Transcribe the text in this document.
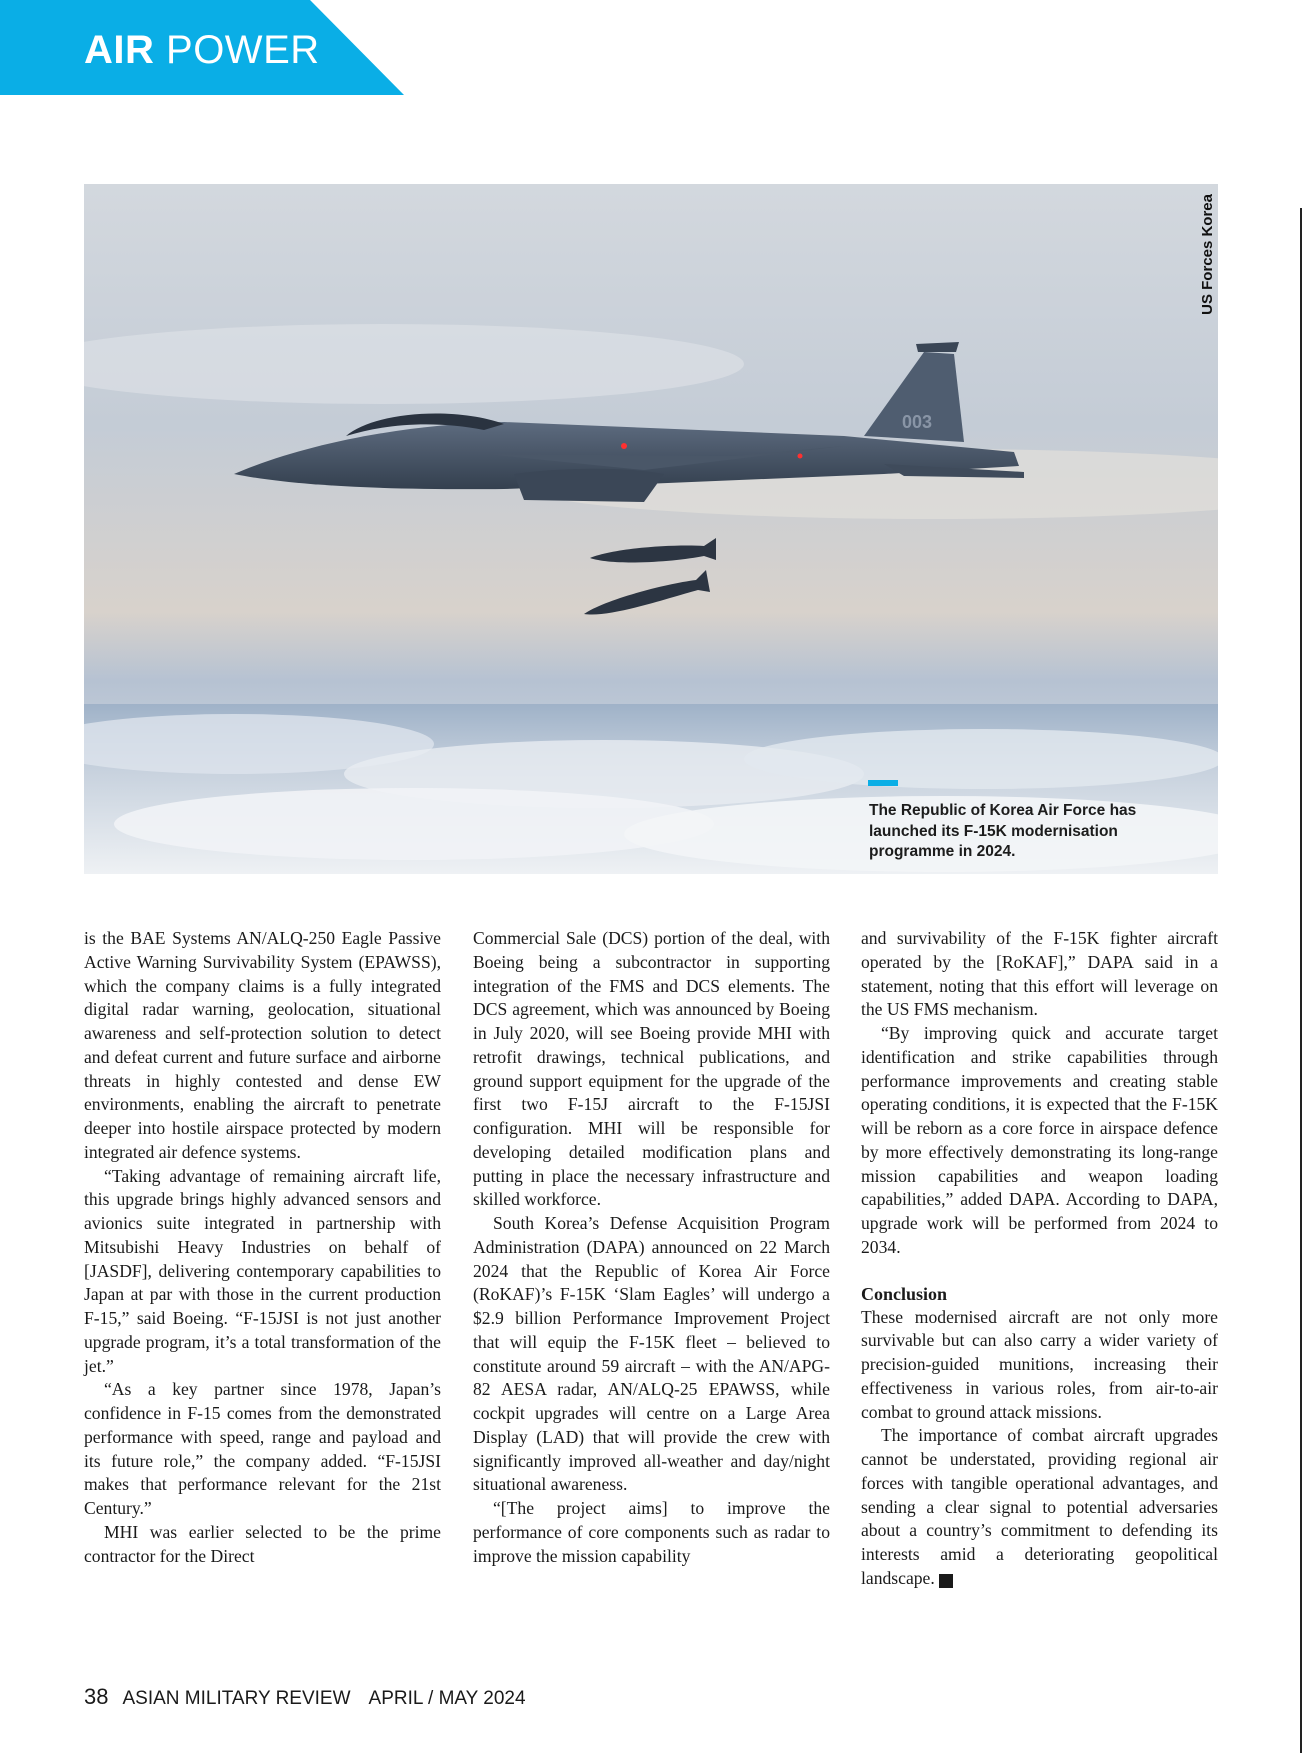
AIR POWER
003
US Forces Korea
The Republic of Korea Air Force has launched its F-15K modernisation programme in 2024.

is the BAE Systems AN/ALQ-250 Eagle Passive Active Warning Survivability System (EPAWSS), which the company claims is a fully integrated digital radar warning, geolocation, situational awareness and self-protection solution to detect and defeat current and future surface and airborne threats in highly contested and dense EW environments, enabling the aircraft to penetrate deeper into hostile airspace protected by modern integrated air defence systems.

“Taking advantage of remaining aircraft life, this upgrade brings highly advanced sensors and avionics suite integrated in partnership with Mitsubishi Heavy Industries on behalf of [JASDF], delivering contemporary capabilities to Japan at par with those in the current production F-15,” said Boeing. “F-15JSI is not just another upgrade program, it’s a total transformation of the jet.”

“As a key partner since 1978, Japan’s confidence in F-15 comes from the demonstrated performance with speed, range and payload and its future role,” the company added. “F-15JSI makes that performance relevant for the 21st Century.”

MHI was earlier selected to be the prime contractor for the Direct

Commercial Sale (DCS) portion of the deal, with Boeing being a subcontractor in supporting integration of the FMS and DCS elements. The DCS agreement, which was announced by Boeing in July 2020, will see Boeing provide MHI with retrofit drawings, technical publications, and ground support equipment for the upgrade of the first two F-15J aircraft to the F-15JSI configuration. MHI will be responsible for developing detailed modification plans and putting in place the necessary infrastructure and skilled workforce.

South Korea’s Defense Acquisition Program Administration (DAPA) announced on 22 March 2024 that the Republic of Korea Air Force (RoKAF)’s F-15K ‘Slam Eagles’ will undergo a $2.9 billion Performance Improvement Project that will equip the F-15K fleet – believed to constitute around 59 aircraft – with the AN/APG-82 AESA radar, AN/ALQ-25 EPAWSS, while cockpit upgrades will centre on a Large Area Display (LAD) that will provide the crew with significantly improved all-weather and day/night situational awareness.

“[The project aims] to improve the performance of core components such as radar to improve the mission capability

and survivability of the F-15K fighter aircraft operated by the [RoKAF],” DAPA said in a statement, noting that this effort will leverage on the US FMS mechanism.

“By improving quick and accurate target identification and strike capabilities through performance improvements and creating stable operating conditions, it is expected that the F-15K will be reborn as a core force in airspace defence by more effectively demonstrating its long-range mission capabilities and weapon loading capabilities,” added DAPA. According to DAPA, upgrade work will be performed from 2024 to 2034.

Conclusion

These modernised aircraft are not only more survivable but can also carry a wider variety of precision-guided munitions, increasing their effectiveness in various roles, from air-to-air combat to ground attack missions.

The importance of combat aircraft upgrades cannot be understated, providing regional air forces with tangible operational advantages, and sending a clear signal to potential adversaries about a country’s commitment to defending its interests amid a deteriorating geopolitical landscape. A

38 ASIAN MILITARY REVIEW APRIL / MAY 2024
